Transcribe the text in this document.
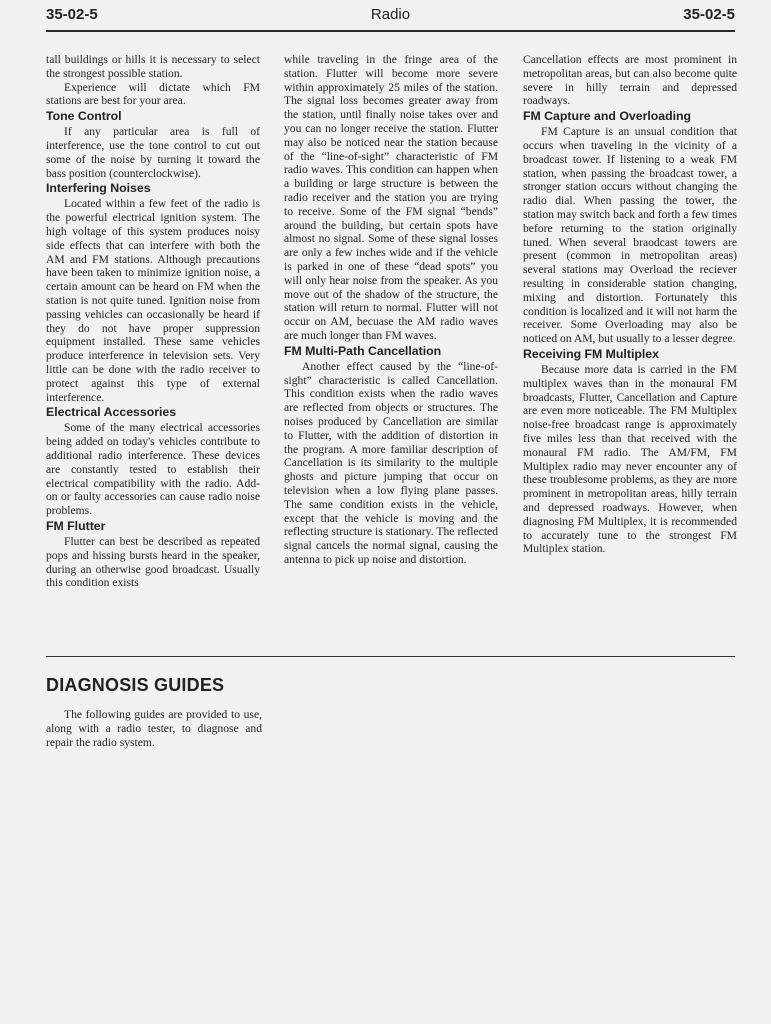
35-02-5	Radio	35-02-5

tall buildings or hills it is necessary to select the strongest possible station.

Experience will dictate which FM stations are best for your area.

Tone Control

If any particular area is full of interference, use the tone control to cut out some of the noise by turning it toward the bass position (counterclockwise).

Interfering Noises

Located within a few feet of the radio is the powerful electrical ignition system. The high voltage of this system produces noisy side effects that can interfere with both the AM and FM stations. Although precautions have been taken to minimize ignition noise, a certain amount can be heard on FM when the station is not quite tuned. Ignition noise from passing vehicles can occasionally be heard if they do not have proper suppression equipment installed. These same vehicles produce interference in television sets. Very little can be done with the radio receiver to protect against this type of external interference.

Electrical Accessories

Some of the many electrical accessories being added on today's vehicles contribute to additional radio interference. These devices are constantly tested to establish their electrical compatibility with the radio. Add-on or faulty accessories can cause radio noise problems.

FM Flutter

Flutter can best be described as repeated pops and hissing bursts heard in the speaker, during an otherwise good broadcast. Usually this condition exists

while traveling in the fringe area of the station. Flutter will become more severe within approximately 25 miles of the station. The signal loss becomes greater away from the station, until finally noise takes over and you can no longer receive the station. Flutter may also be noticed near the station because of the “line-of-sight” characteristic of FM radio waves. This condition can happen when a building or large structure is between the radio receiver and the station you are trying to receive. Some of the FM signal “bends” around the building, but certain spots have almost no signal. Some of these signal losses are only a few inches wide and if the vehicle is parked in one of these “dead spots” you will only hear noise from the speaker. As you move out of the shadow of the structure, the station will return to normal. Flutter will not occur on AM, becuase the AM radio waves are much longer than FM waves.

FM Multi-Path Cancellation

Another effect caused by the “line-of-sight” characteristic is called Cancellation. This condition exists when the radio waves are reflected from objects or structures. The noises produced by Cancellation are similar to Flutter, with the addition of distortion in the program. A more familiar description of Cancellation is its similarity to the multiple ghosts and picture jumping that occur on television when a low flying plane passes. The same condition exists in the vehicle, except that the vehicle is moving and the reflecting structure is stationary. The reflected signal cancels the normal signal, causing the antenna to pick up noise and distortion.

Cancellation effects are most prominent in metropolitan areas, but can also become quite severe in hilly terrain and depressed roadways.

FM Capture and Overloading

FM Capture is an unsual condition that occurs when traveling in the vicinity of a broadcast tower. If listening to a weak FM station, when passing the broadcast tower, a stronger station occurs without changing the radio dial. When passing the tower, the station may switch back and forth a few times before returning to the station originally tuned. When several braodcast towers are present (common in metropolitan areas) several stations may Overload the reciever resulting in considerable station changing, mixing and distortion. Fortunately this condition is localized and it will not harm the receiver. Some Overloading may also be noticed on AM, but usually to a lesser degree.

Receiving FM Multiplex

Because more data is carried in the FM multiplex waves than in the monaural FM broadcasts, Flutter, Cancellation and Capture are even more noticeable. The FM Multiplex noise-free broadcast range is approximately five miles less than that received with the monaural FM radio. The AM/FM, FM Multiplex radio may never encounter any of these troublesome problems, as they are more prominent in metropolitan areas, hilly terrain and depressed roadways. However, when diagnosing FM Multiplex, it is recommended to accurately tune to the strongest FM Multiplex station.

DIAGNOSIS GUIDES

The following guides are provided to use, along with a radio tester, to diagnose and repair the radio system.
